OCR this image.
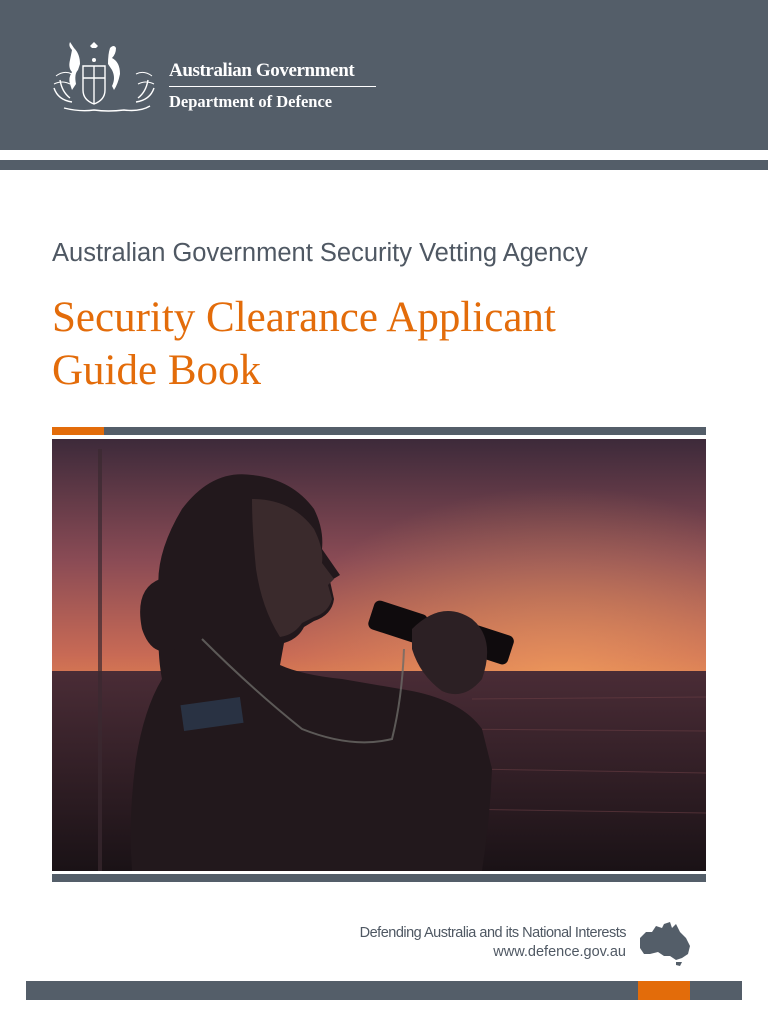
Australian Government
Department of Defence
Australian Government Security Vetting Agency
Security Clearance Applicant
Guide Book
Defending Australia and its National Interests
www.defence.gov.au
